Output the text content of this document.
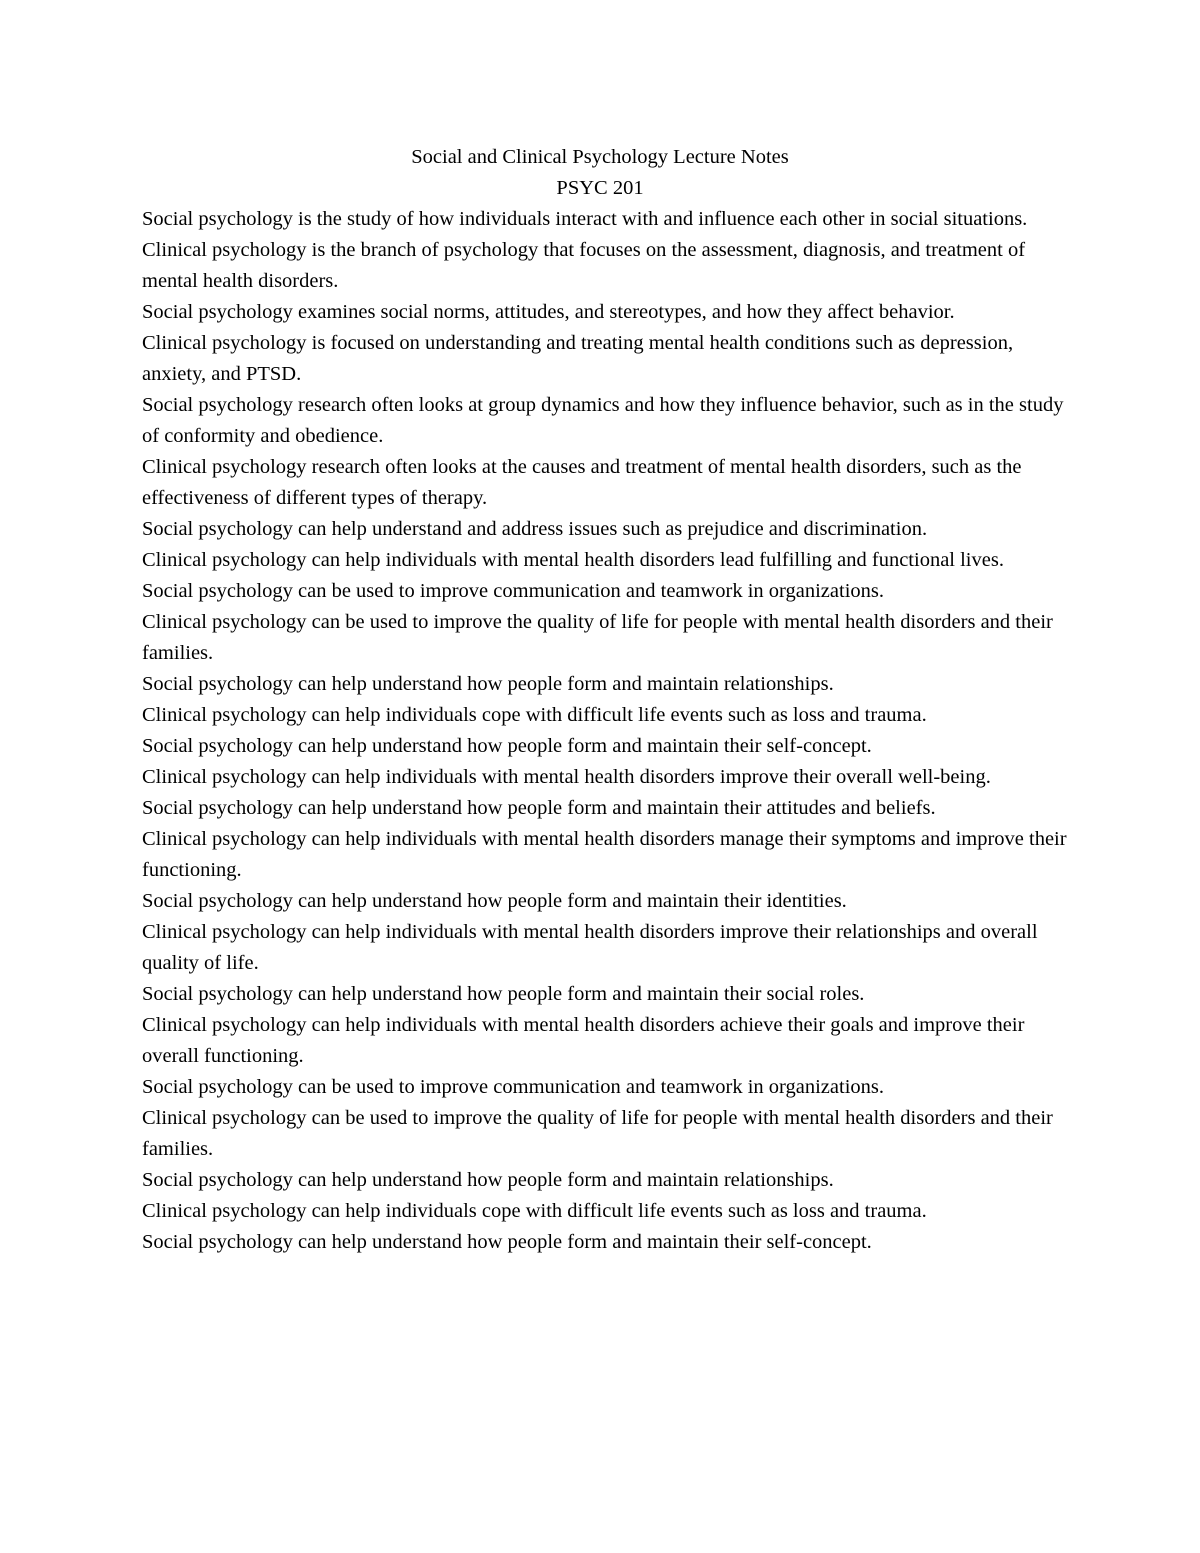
Social and Clinical Psychology Lecture Notes
PSYC 201

Social psychology is the study of how individuals interact with and influence each other in social situations.

Clinical psychology is the branch of psychology that focuses on the assessment, diagnosis, and treatment of mental health disorders.

Social psychology examines social norms, attitudes, and stereotypes, and how they affect behavior.

Clinical psychology is focused on understanding and treating mental health conditions such as depression, anxiety, and PTSD.

Social psychology research often looks at group dynamics and how they influence behavior, such as in the study of conformity and obedience.

Clinical psychology research often looks at the causes and treatment of mental health disorders, such as the effectiveness of different types of therapy.

Social psychology can help understand and address issues such as prejudice and discrimination.

Clinical psychology can help individuals with mental health disorders lead fulfilling and functional lives.

Social psychology can be used to improve communication and teamwork in organizations.

Clinical psychology can be used to improve the quality of life for people with mental health disorders and their families.

Social psychology can help understand how people form and maintain relationships.

Clinical psychology can help individuals cope with difficult life events such as loss and trauma.

Social psychology can help understand how people form and maintain their self-concept.

Clinical psychology can help individuals with mental health disorders improve their overall well-being.

Social psychology can help understand how people form and maintain their attitudes and beliefs.

Clinical psychology can help individuals with mental health disorders manage their symptoms and improve their functioning.

Social psychology can help understand how people form and maintain their identities.

Clinical psychology can help individuals with mental health disorders improve their relationships and overall quality of life.

Social psychology can help understand how people form and maintain their social roles.

Clinical psychology can help individuals with mental health disorders achieve their goals and improve their overall functioning.

Social psychology can be used to improve communication and teamwork in organizations.

Clinical psychology can be used to improve the quality of life for people with mental health disorders and their families.

Social psychology can help understand how people form and maintain relationships.

Clinical psychology can help individuals cope with difficult life events such as loss and trauma.

Social psychology can help understand how people form and maintain their self-concept.
